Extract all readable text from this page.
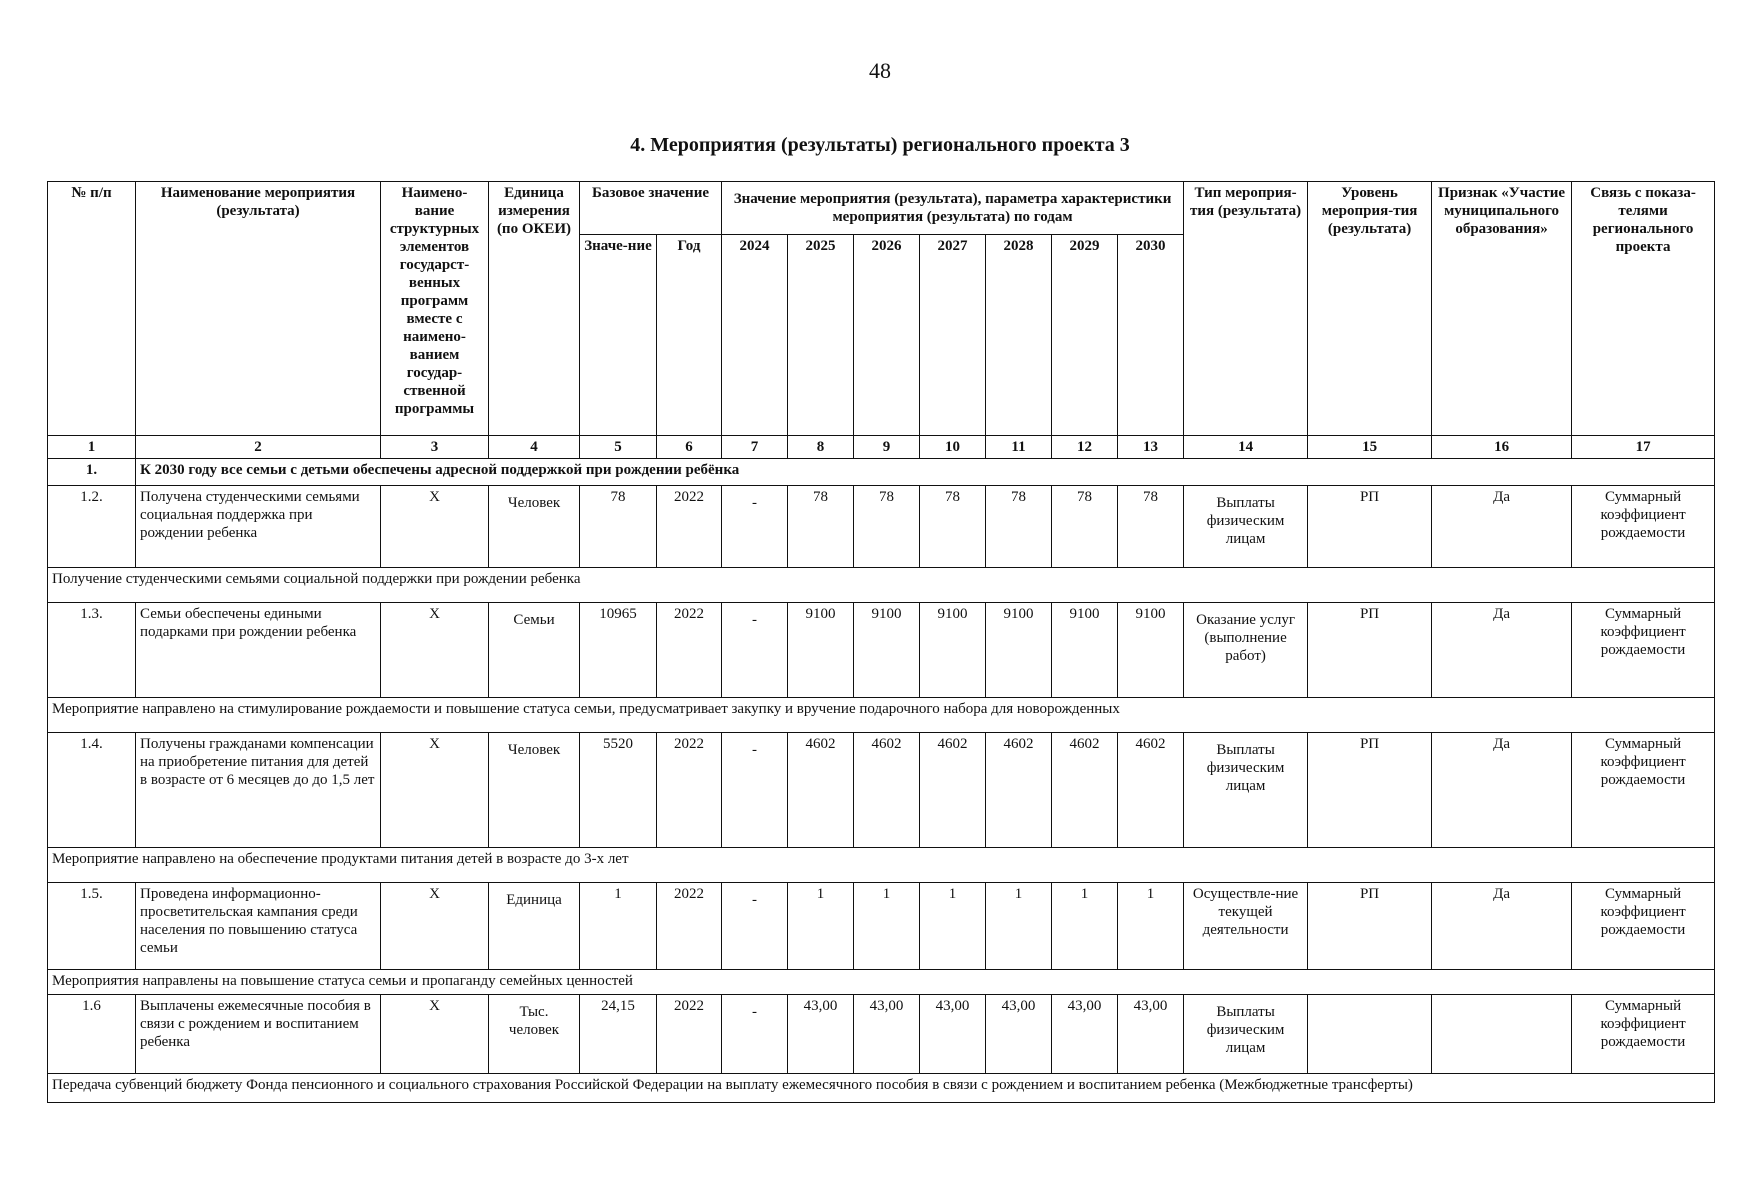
48
4. Мероприятия (результаты) регионального проекта 3
№ п/п	Наименование мероприятия (результата)	Наимено-вание структурных элементов государст-венных программ вместе с наимено-ванием государ-ственной программы	Единица измерения (по ОКЕИ)	Базовое значение		Значение мероприятия (результата), параметра характеристики мероприятия (результата) по годам							Тип мероприя-тия (результата)	Уровень мероприя-тия (результата)	Признак «Участие муниципального образования»	Связь с показа-телями регионального проекта
				Значе-ние	Год	2024	2025	2026	2027	2028	2029	2030				
1	2	3	4	5	6	7	8	9	10	11	12	13	14	15	16	17
1.	К 2030 году все семьи с детьми обеспечены адресной поддержкой при рождении ребёнка															
1.2.	Получена студенческими семьями социальная поддержка при рождении ребенка	X	Человек	78	2022	-	78	78	78	78	78	78	Выплаты физическим лицам	РП	Да	Суммарный коэффициент рождаемости
Получение студенческими семьями социальной поддержки при рождении ребенка																
1.3.	Семьи обеспечены едиными подарками при рождении ребенка	X	Семьи	10965	2022	-	9100	9100	9100	9100	9100	9100	Оказание услуг (выполнение работ)	РП	Да	Суммарный коэффициент рождаемости
Мероприятие направлено на стимулирование рождаемости и повышение статуса семьи, предусматривает закупку и вручение подарочного набора для новорожденных																
1.4.	Получены гражданами компенсации на приобретение питания для детей в возрасте от 6 месяцев до до 1,5 лет	X	Человек	5520	2022	-	4602	4602	4602	4602	4602	4602	Выплаты физическим лицам	РП	Да	Суммарный коэффициент рождаемости
Мероприятие направлено на обеспечение продуктами питания детей в возрасте до 3-х лет																
1.5.	Проведена информационно-просветительская кампания среди населения по повышению статуса семьи	X	Единица	1	2022	-	1	1	1	1	1	1	Осуществле-ние текущей деятельности	РП	Да	Суммарный коэффициент рождаемости
Мероприятия направлены на повышение статуса семьи и пропаганду семейных ценностей																
1.6	Выплачены ежемесячные пособия в связи с рождением и воспитанием ребенка	X	Тыс. человек	24,15	2022	-	43,00	43,00	43,00	43,00	43,00	43,00	Выплаты физическим лицам			Суммарный коэффициент рождаемости
Передача субвенций бюджету Фонда пенсионного и социального страхования Российской Федерации на выплату ежемесячного пособия в связи с рождением и воспитанием ребенка (Межбюджетные трансферты)																
